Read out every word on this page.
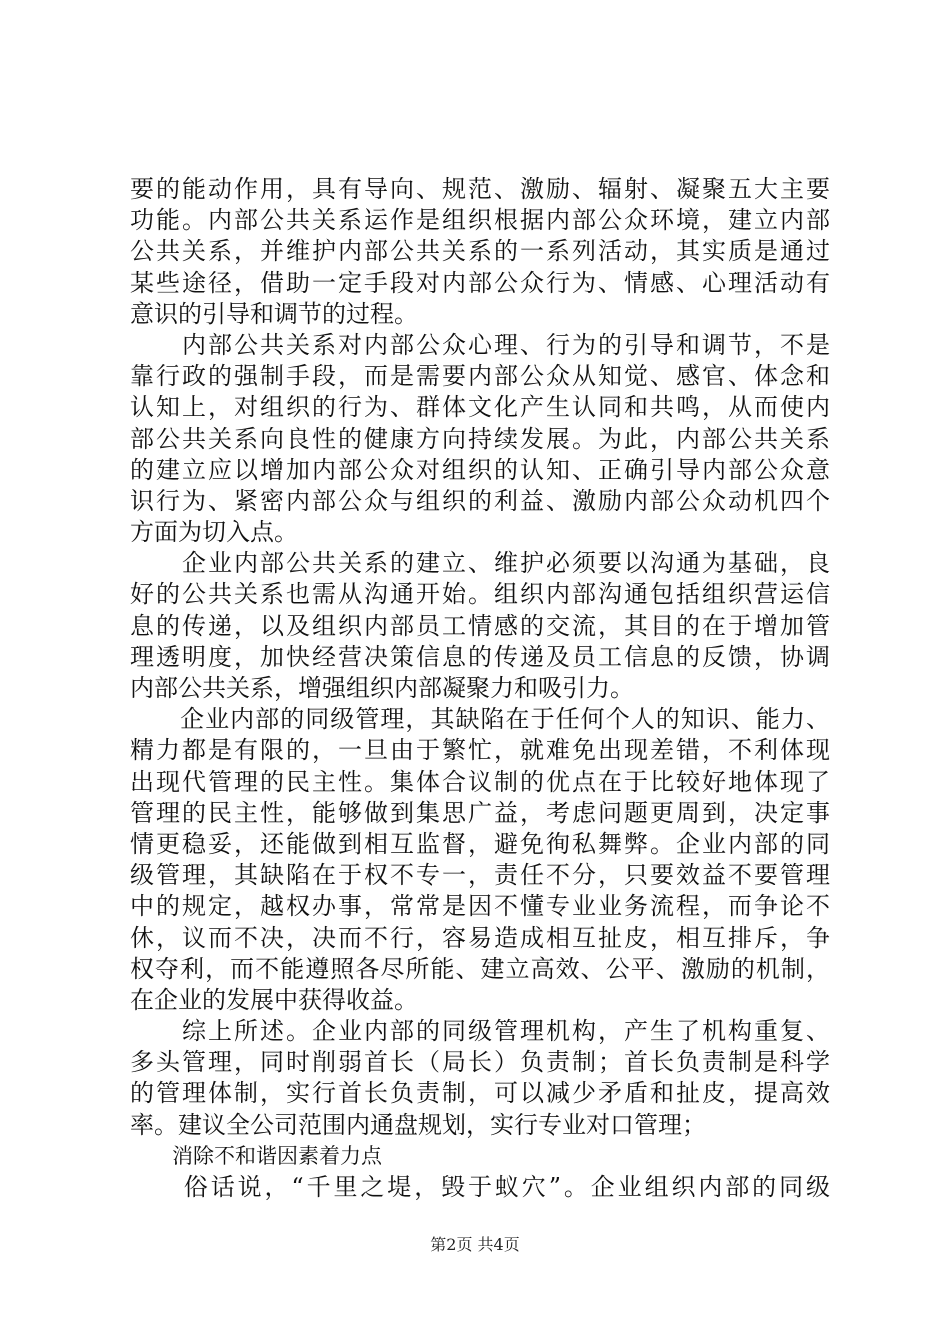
要的能动作用，具有导向、规范、激励、辐射、凝聚五大主要
功能。内部公共关系运作是组织根据内部公众环境，建立内部
公共关系，并维护内部公共关系的一系列活动，其实质是通过
某些途径，借助一定手段对内部公众行为、情感、心理活动有
意识的引导和调节的过程。
　　内部公共关系对内部公众心理、行为的引导和调节，不是
靠行政的强制手段，而是需要内部公众从知觉、感官、体念和
认知上，对组织的行为、群体文化产生认同和共鸣，从而使内
部公共关系向良性的健康方向持续发展。为此，内部公共关系
的建立应以增加内部公众对组织的认知、正确引导内部公众意
识行为、紧密内部公众与组织的利益、激励内部公众动机四个
方面为切入点。
　　企业内部公共关系的建立、维护必须要以沟通为基础，良
好的公共关系也需从沟通开始。组织内部沟通包括组织营运信
息的传递，以及组织内部员工情感的交流，其目的在于增加管
理透明度，加快经营决策信息的传递及员工信息的反馈，协调
内部公共关系，增强组织内部凝聚力和吸引力。
　　企业内部的同级管理，其缺陷在于任何个人的知识、能力、
精力都是有限的，一旦由于繁忙，就难免出现差错，不利体现
出现代管理的民主性。集体合议制的优点在于比较好地体现了
管理的民主性，能够做到集思广益，考虑问题更周到，决定事
情更稳妥，还能做到相互监督，避免徇私舞弊。企业内部的同
级管理，其缺陷在于权不专一，责任不分，只要效益不要管理
中的规定，越权办事，常常是因不懂专业业务流程，而争论不
休，议而不决，决而不行，容易造成相互扯皮，相互排斥，争
权夺利，而不能遵照各尽所能、建立高效、公平、激励的机制，
在企业的发展中获得收益。
　　综上所述。企业内部的同级管理机构，产生了机构重复、
多头管理，同时削弱首长（局长）负责制；首长负责制是科学
的管理体制，实行首长负责制，可以减少矛盾和扯皮，提高效
率。建议全公司范围内通盘规划，实行专业对口管理；
　　消除不和谐因素着力点
　　俗话说，“千里之堤，毁于蚁穴”。企业组织内部的同级
第2页 共4页
